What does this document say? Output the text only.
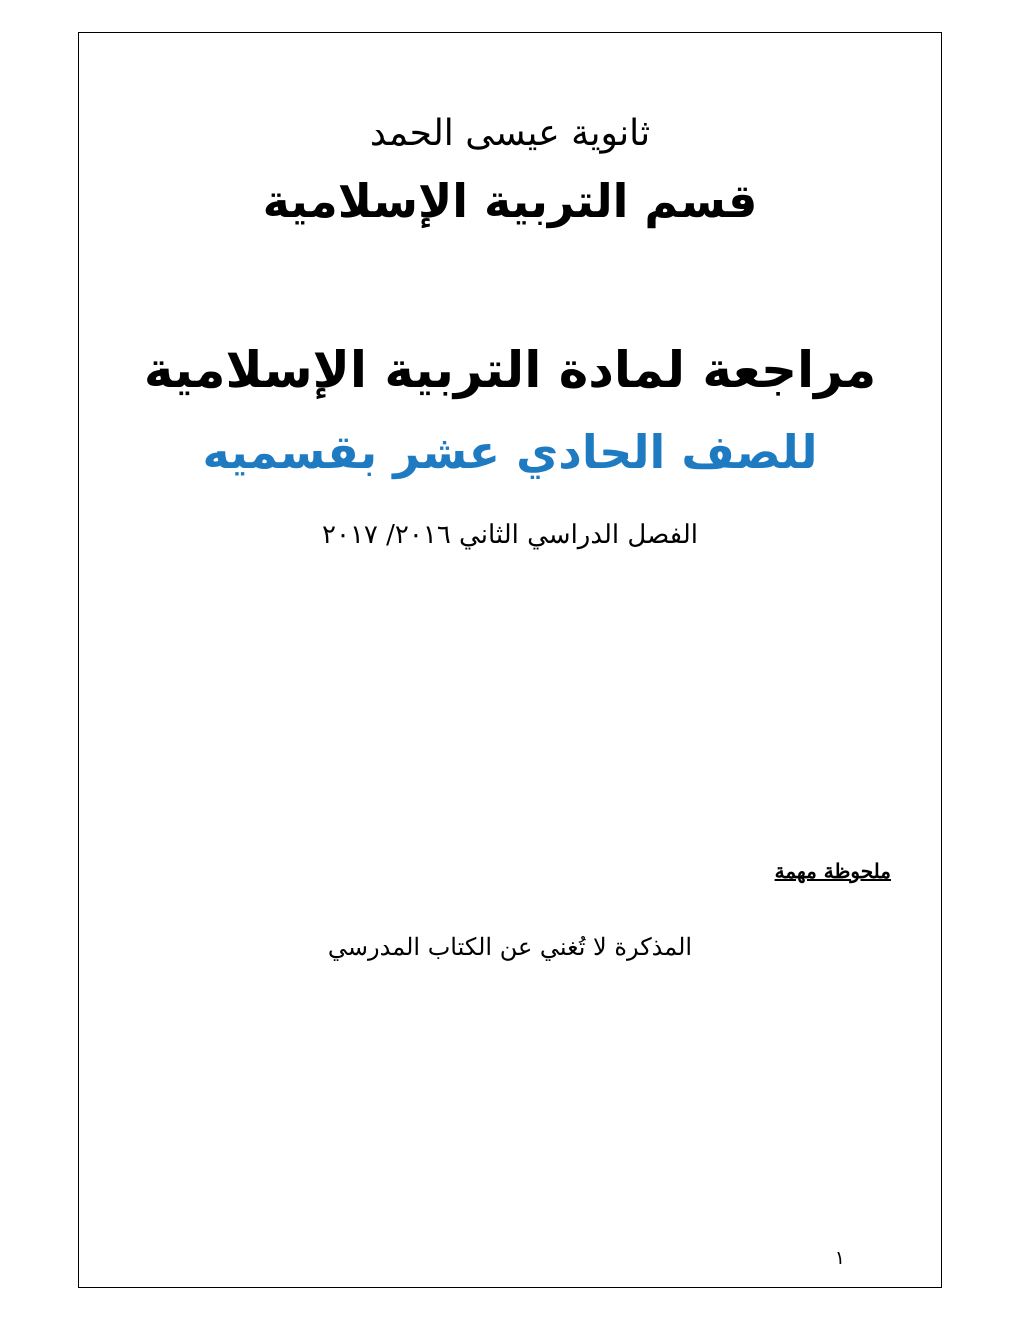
ثانوية عيسى الحمد
قسم التربية الإسلامية
مراجعة لمادة التربية الإسلامية
للصف الحادي عشر بقسميه
الفصل الدراسي الثاني ٢٠١٦/ ٢٠١٧
ملحوظة مهمة
المذكرة لا تُغني عن الكتاب المدرسي
١
